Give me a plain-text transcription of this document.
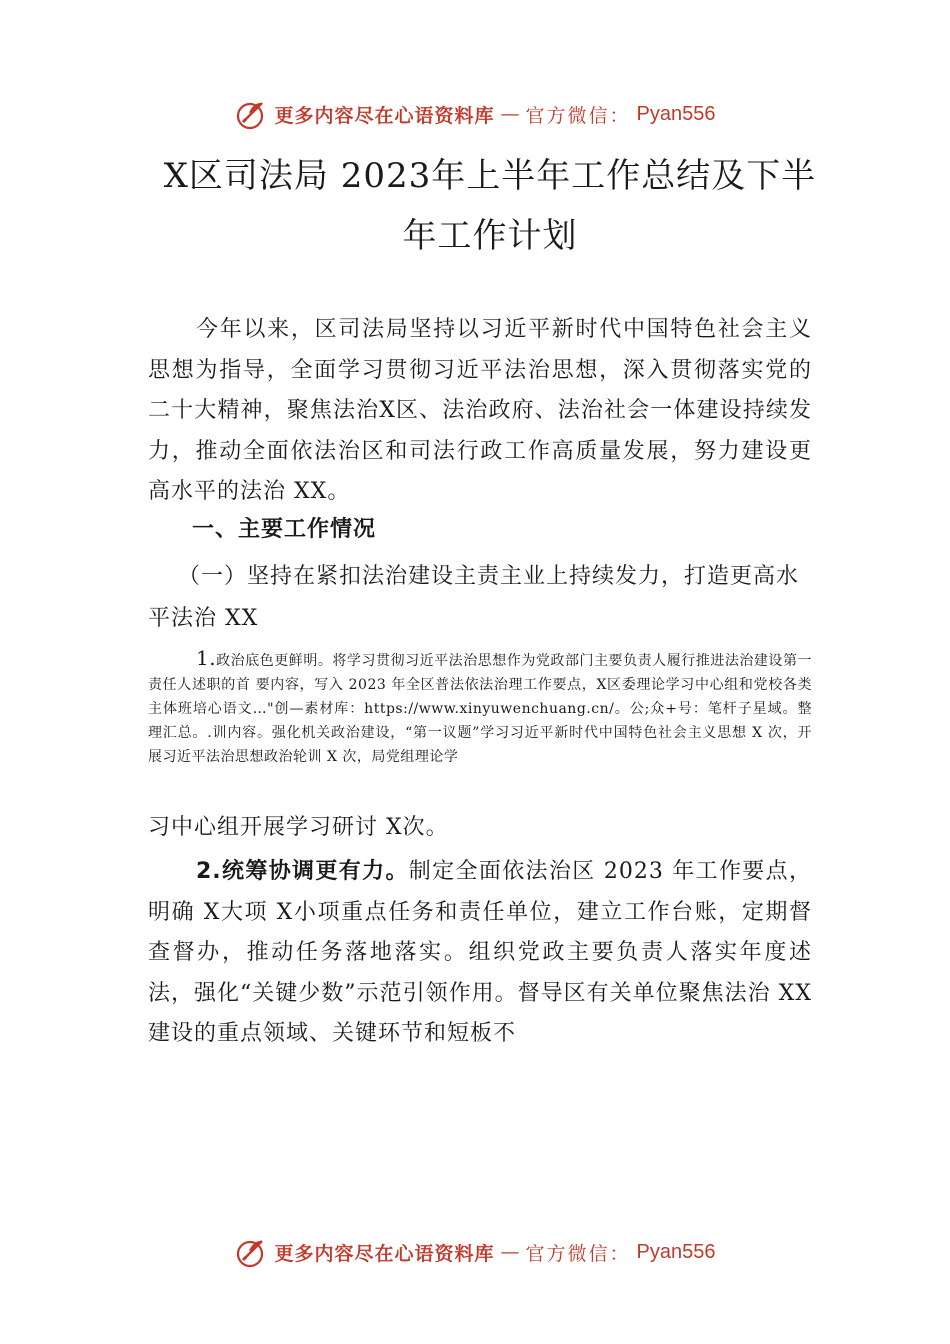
更多内容尽在心语资料库 — 官方微信： Pyan556
X区司法局 2023年上半年工作总结及下半
年工作计划

今年以来，区司法局坚持以习近平新时代中国特色社会主义思想为指导，全面学习贯彻习近平法治思想，深入贯彻落实党的二十大精神，聚焦法治X区、法治政府、法治社会一体建设持续发力，推动全面依法治区和司法行政工作高质量发展，努力建设更高水平的法治 XX。

一、主要工作情况

（一）坚持在紧扣法治建设主责主业上持续发力，打造更高水平法治 XX

1.政治底色更鲜明。将学习贯彻习近平法治思想作为党政部门主要负责人履行推进法治建设第一责任人述职的首 要内容，写入 2023 年全区普法依法治理工作要点，X区委理论学习中心组和党校各类主体班培心语文…"创—素材库：https://www.xinyuwenchuang.cn/。公;众+号：笔杆子星域。整理汇总。.训内容。强化机关政治建设，“第一议题”学习习近平新时代中国特色社会主义思想 X 次，开展习近平法治思想政治轮训 X 次，局党组理论学

习中心组开展学习研讨 X次。

2.统筹协调更有力。制定全面依法治区 2023 年工作要点，明确 X大项 X小项重点任务和责任单位，建立工作台账，定期督查督办，推动任务落地落实。组织党政主要负责人落实年度述法，强化“关键少数”示范引领作用。督导区有关单位聚焦法治 XX建设的重点领域、关键环节和短板不

更多内容尽在心语资料库 — 官方微信： Pyan556
